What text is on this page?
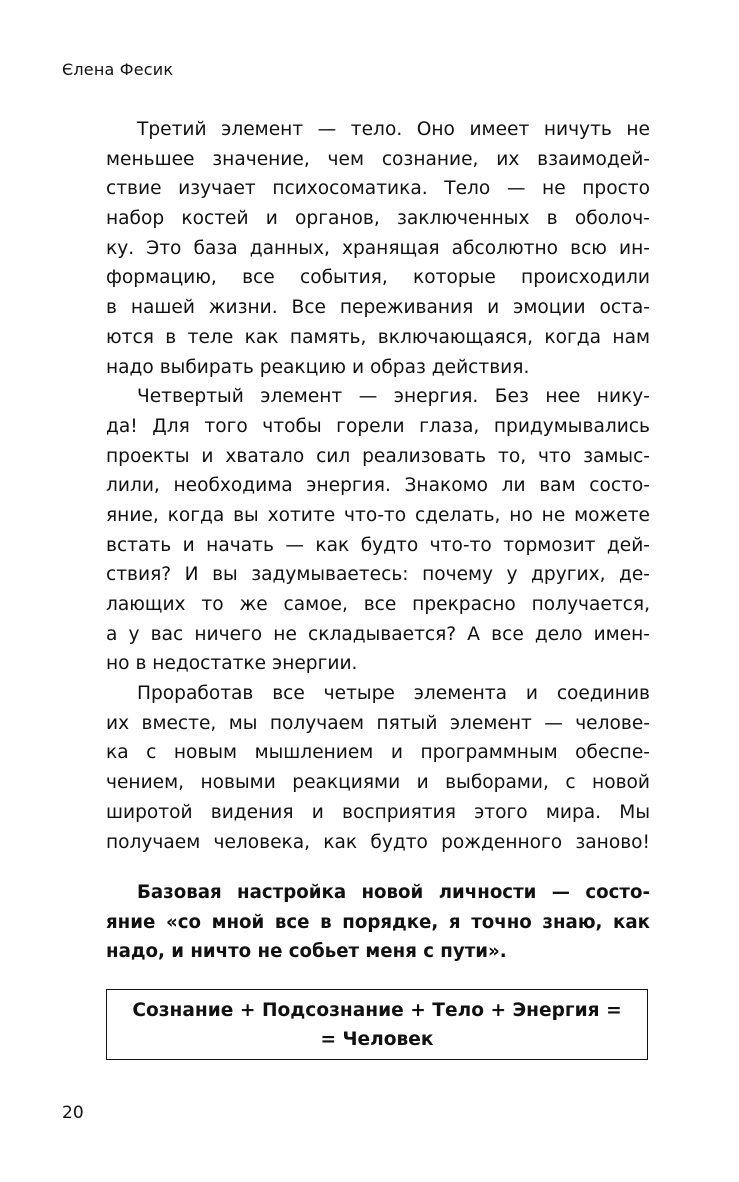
Єлена Фесик
Третий элемент — тело. Оно имеет ничуть не
меньшее значение, чем сознание, их взаимодей-
ствие изучает психосоматика. Тело — не просто
набор костей и органов, заключенных в оболоч-
ку. Это база данных, хранящая абсолютно всю ин-
формацию, все события, которые происходили
в нашей жизни. Все переживания и эмоции оста-
ются в теле как память, включающаяся, когда нам
надо выбирать реакцию и образ действия.
Четвертый элемент — энергия. Без нее нику-
да! Для того чтобы горели глаза, придумывались
проекты и хватало сил реализовать то, что замыс-
лили, необходима энергия. Знакомо ли вам состо-
яние, когда вы хотите что-то сделать, но не можете
встать и начать — как будто что-то тормозит дей-
ствия? И вы задумываетесь: почему у других, де-
лающих то же самое, все прекрасно получается,
а у вас ничего не складывается? А все дело имен-
но в недостатке энергии.
Проработав все четыре элемента и соединив
их вместе, мы получаем пятый элемент — челове-
ка с новым мышлением и программным обеспе-
чением, новыми реакциями и выборами, с новой
широтой видения и восприятия этого мира. Мы
получаем человека, как будто рожденного заново!
Базовая настройка новой личности — состо-
яние «со мной все в порядке, я точно знаю, как
надо, и ничто не собьет меня с пути».
Сознание + Подсознание + Тело + Энергия =
= Человек
20
